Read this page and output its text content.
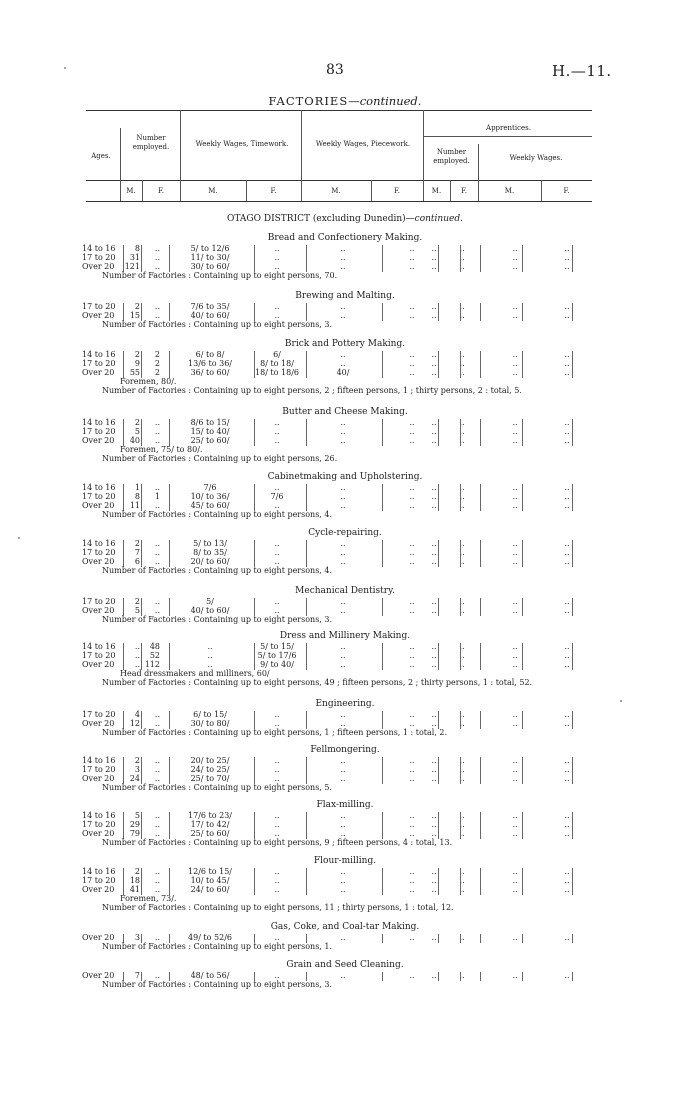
83	H.—11.
FACTORIES—continued.
Ages.
Number employed.	Weekly Wages, Timework.	Weekly Wages, Piecework.
Apprentices.
Number employed.	Weekly Wages.
M.	F.	M.	F.	M.	F.	M.	F.	M.	F.
OTAGO DISTRICT (excluding Dunedin)—continued.
Bread and Confectionery Making.
14 to 16	8	..	5/ to 12/6	..	..	..	..	..	..	..
17 to 20	31	..	11/ to 30/	..	..	..	..	..	..	..
Over 20	121	..	30/ to 60/	..	..	..	..	..	..	..
Number of Factories : Containing up to eight persons, 70.
Brewing and Malting.
17 to 20	2	..	7/6 to 35/	..	..	..	..	..	..	..
Over 20	15	..	40/ to 60/	..	..	..	..	..	..	..
Number of Factories : Containing up to eight persons, 3.
Brick and Pottery Making.
14 to 16	2	2	6/ to 8/	6/	..	..	..	..	..	..
17 to 20	9	2	13/6 to 36/	8/ to 18/	..	..	..	..	..	..
Over 20	55	2	36/ to 60/	18/ to 18/6	40/	..	..	..	..	..
Foremen, 80/.
Number of Factories : Containing up to eight persons, 2 ; fifteen persons, 1 ; thirty persons, 2 : total, 5.
Butter and Cheese Making.
14 to 16	2	..	8/6 to 15/	..	..	..	..	..	..	..
17 to 20	5	..	15/ to 40/	..	..	..	..	..	..	..
Over 20	40	..	25/ to 60/	..	..	..	..	..	..	..
Foremen, 75/ to 80/.
Number of Factories : Containing up to eight persons, 26.
Cabinetmaking and Upholstering.
14 to 16	1	..	7/6	..	..	..	..	..	..	..
17 to 20	8	1	10/ to 36/	7/6	..	..	..	..	..	..
Over 20	11	..	45/ to 60/	..	..	..	..	..	..	..
Number of Factories : Containing up to eight persons, 4.
Cycle-repairing.
14 to 16	2	..	5/ to 13/	..	..	..	..	..	..	..
17 to 20	7	..	8/ to 35/	..	..	..	..	..	..	..
Over 20	6	..	20/ to 60/	..	..	..	..	..	..	..
Number of Factories : Containing up to eight persons, 4.
Mechanical Dentistry.
17 to 20	2	..	5/	..	..	..	..	..	..	..
Over 20	5	..	40/ to 60/	..	..	..	..	..	..	..
Number of Factories : Containing up to eight persons, 3.
Dress and Millinery Making.
14 to 16	..	48	..	5/ to 15/	..	..	..	..	..	..
17 to 20	..	52	..	5/ to 17/6	..	..	..	..	..	..
Over 20	.. 112	..	9/ to 40/	..	..	..	..	..	..
Head dressmakers and milliners, 60/
Number of Factories : Containing up to eight persons, 49 ; fifteen persons, 2 ; thirty persons, 1 : total, 52.
Engineering.
17 to 20	4	..	6/ to 15/	..	..	..	..	..	..	..
Over 20	12	..	30/ to 80/	..	..	..	..	..	..	..
Number of Factories : Containing up to eight persons, 1 ; fifteen persons, 1 : total, 2.
Fellmongering.
14 to 16	2	..	20/ to 25/	..	..	..	..	..	..	..
17 to 20	3	..	24/ to 25/	..	..	..	..	..	..	..
Over 20	24	..	25/ to 70/	..	..	..	..	..	..	..
Number of Factories : Containing up to eight persons, 5.
Flax-milling.
14 to 16	5	..	17/6 to 23/	..	..	..	..	..	..	..
17 to 20	29	..	17/ to 42/	..	..	..	..	..	..	..
Over 20	79	..	25/ to 60/	..	..	..	..	..	..	..
Number of Factories : Containing up to eight persons, 9 ; fifteen persons, 4 : total, 13.
Flour-milling.
14 to 16	2	..	12/6 to 15/	..	..	..	..	..	..	..
17 to 20	18	..	10/ to 45/	..	..	..	..	..	..	..
Over 20	41	..	24/ to 60/	..	..	..	..	..	..	..
Foremen, 73/.
Number of Factories : Containing up to eight persons, 11 ; thirty persons, 1 : total, 12.
Gas, Coke, and Coal-tar Making.
Over 20	3	..	49/ to 52/6	..	..	..	..	..	..	..
Number of Factories : Containing up to eight persons, 1.
Grain and Seed Cleaning.
Over 20	7	..	48/ to 56/	..	..	..	..	..	..	..
Number of Factories : Containing up to eight persons, 3.
